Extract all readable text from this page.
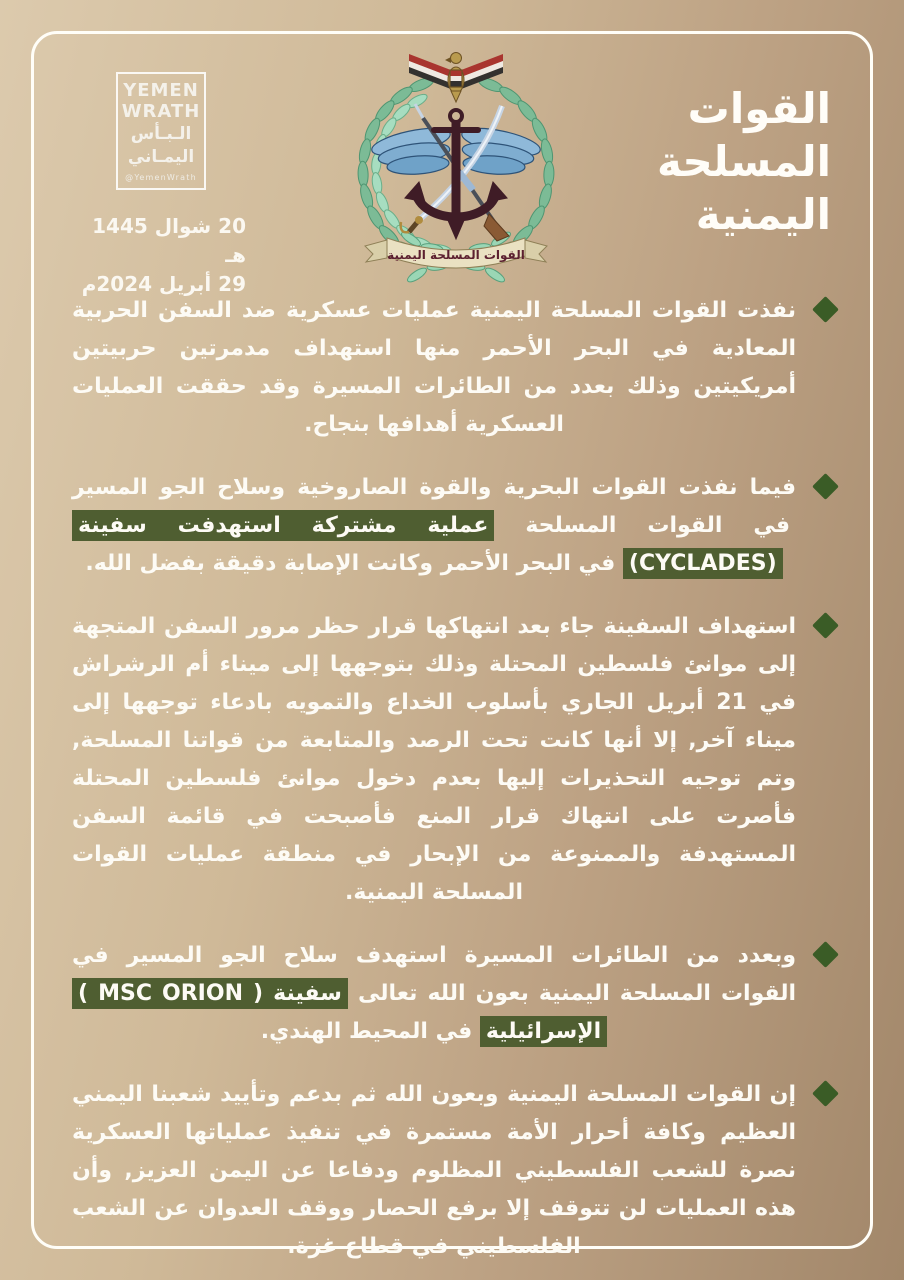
YEMEN
WRATH
الـبـأس
اليمـاني
@YemenWrath
20 شوال 1445 هـ
29 أبريل 2024م
القوات المسلحة اليمنية
القوات
المسلحة
اليمنية
نفذت القوات المسلحة اليمنية عمليات عسكرية ضد السفن الحربية المعادية في البحر الأحمر منها استهداف مدمرتين حربيتين أمريكيتين وذلك بعدد من الطائرات المسيرة وقد حققت العمليات العسكرية أهدافها بنجاح.
فيما نفذت القوات البحرية والقوة الصاروخية وسلاح الجو المسير في القوات المسلحة عملية مشتركة استهدفت سفينة (CYCLADES) في البحر الأحمر وكانت الإصابة دقيقة بفضل الله.
استهداف السفينة جاء بعد انتهاكها قرار حظر مرور السفن المتجهة إلى موانئ فلسطين المحتلة وذلك بتوجهها إلى ميناء أم الرشراش في 21 أبريل الجاري بأسلوب الخداع والتمويه بادعاء توجهها إلى ميناء آخر, إلا أنها كانت تحت الرصد والمتابعة من قواتنا المسلحة, وتم توجيه التحذيرات إليها بعدم دخول موانئ فلسطين المحتلة فأصرت على انتهاك قرار المنع فأصبحت في قائمة السفن المستهدفة والممنوعة من الإبحار في منطقة عمليات القوات المسلحة اليمنية.
وبعدد من الطائرات المسيرة استهدف سلاح الجو المسير في القوات المسلحة اليمنية بعون الله تعالى سفينة ( MSC ORION ) الإسرائيلية في المحيط الهندي.
إن القوات المسلحة اليمنية وبعون الله ثم بدعم وتأييد شعبنا اليمني العظيم وكافة أحرار الأمة مستمرة في تنفيذ عملياتها العسكرية نصرة للشعب الفلسطيني المظلوم ودفاعا عن اليمن العزيز, وأن هذه العمليات لن تتوقف إلا برفع الحصار ووقف العدوان عن الشعب الفلسطيني في قطاع غزة.
